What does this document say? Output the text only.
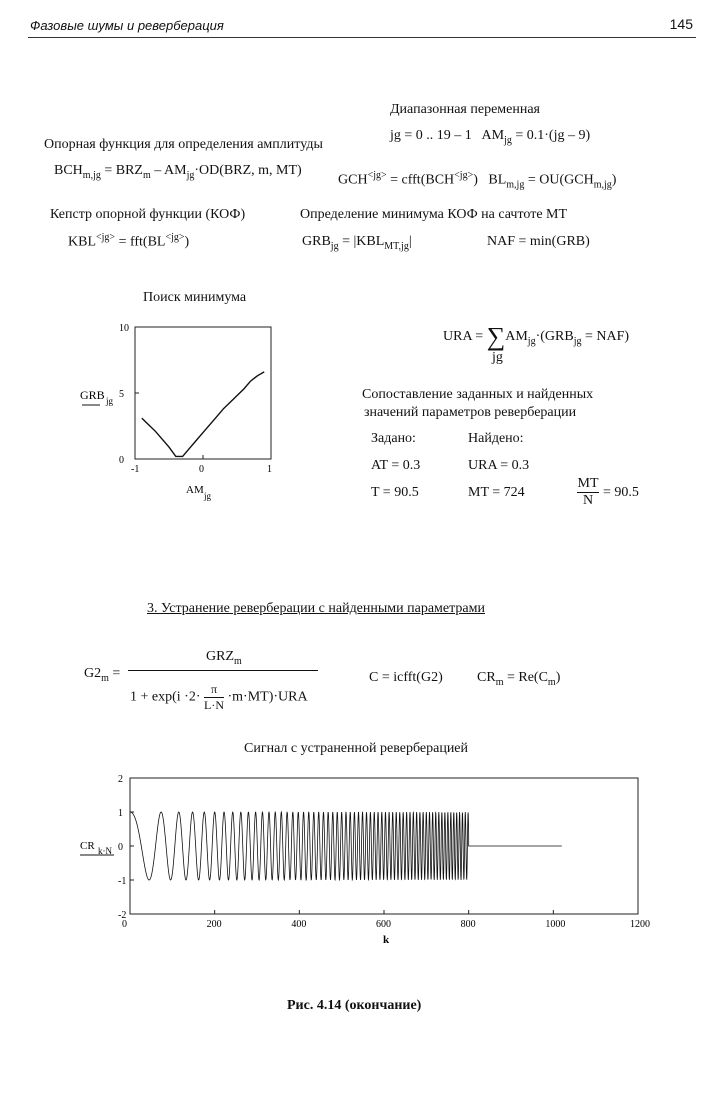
Фазовые шумы и реверберация	145
Диапазонная переменная
Опорная функция для определения амплитуды
jg = 0 .. 19 – 1   $AM_{jg} = 0.1\cdot(jg - 9)$
$BCH_{m,jg} = BRZ_m - AM_{jg}\cdot OD(BRZ$, m, MT)
$GCH^{<jg>}$ = $cfft(BCH^{<jg>}) BL_{m,jg} = OU(GCH_{m,jg})$
Кепстр опорной функции (КОФ)	Определение минимума КОФ на сачтоте МТ
$KBL^{<jg>} = fft(BL^{<jg>})$	$GRB_{jg} = |KBL_{MT,jg}|$	NAF = min(GRB)
Поиск минимума
-1	0	1
0
5
10
GRB jg
AM jg
URA = $\sum AM_{jg}\cdot(GRB_{jg} = NAF)$
jg
Сопоставление заданных и найденных
значений параметров реверберации
Задано:	Найдено:
AT = 0.3	URA = 0.3
T = 90.5	MT = 724
MT
N
= 90.5
3. Устранение реверберации с найденными параметрами
$G2_m$ =
$GRZ_m$
$1 + \exp(i \cdot 2\cdot \frac{\pi}{L\cdot N} \cdot m\cdot MT)\cdot URA$
C = icfft(G2) $CR_m = Re(C_m)$
Сигнал с устраненной реверберацией
0	200	400	600	800	1000	1200
-2
-1
0
1
2
CR k·N
k
Рис. 4.14 (окончание)
